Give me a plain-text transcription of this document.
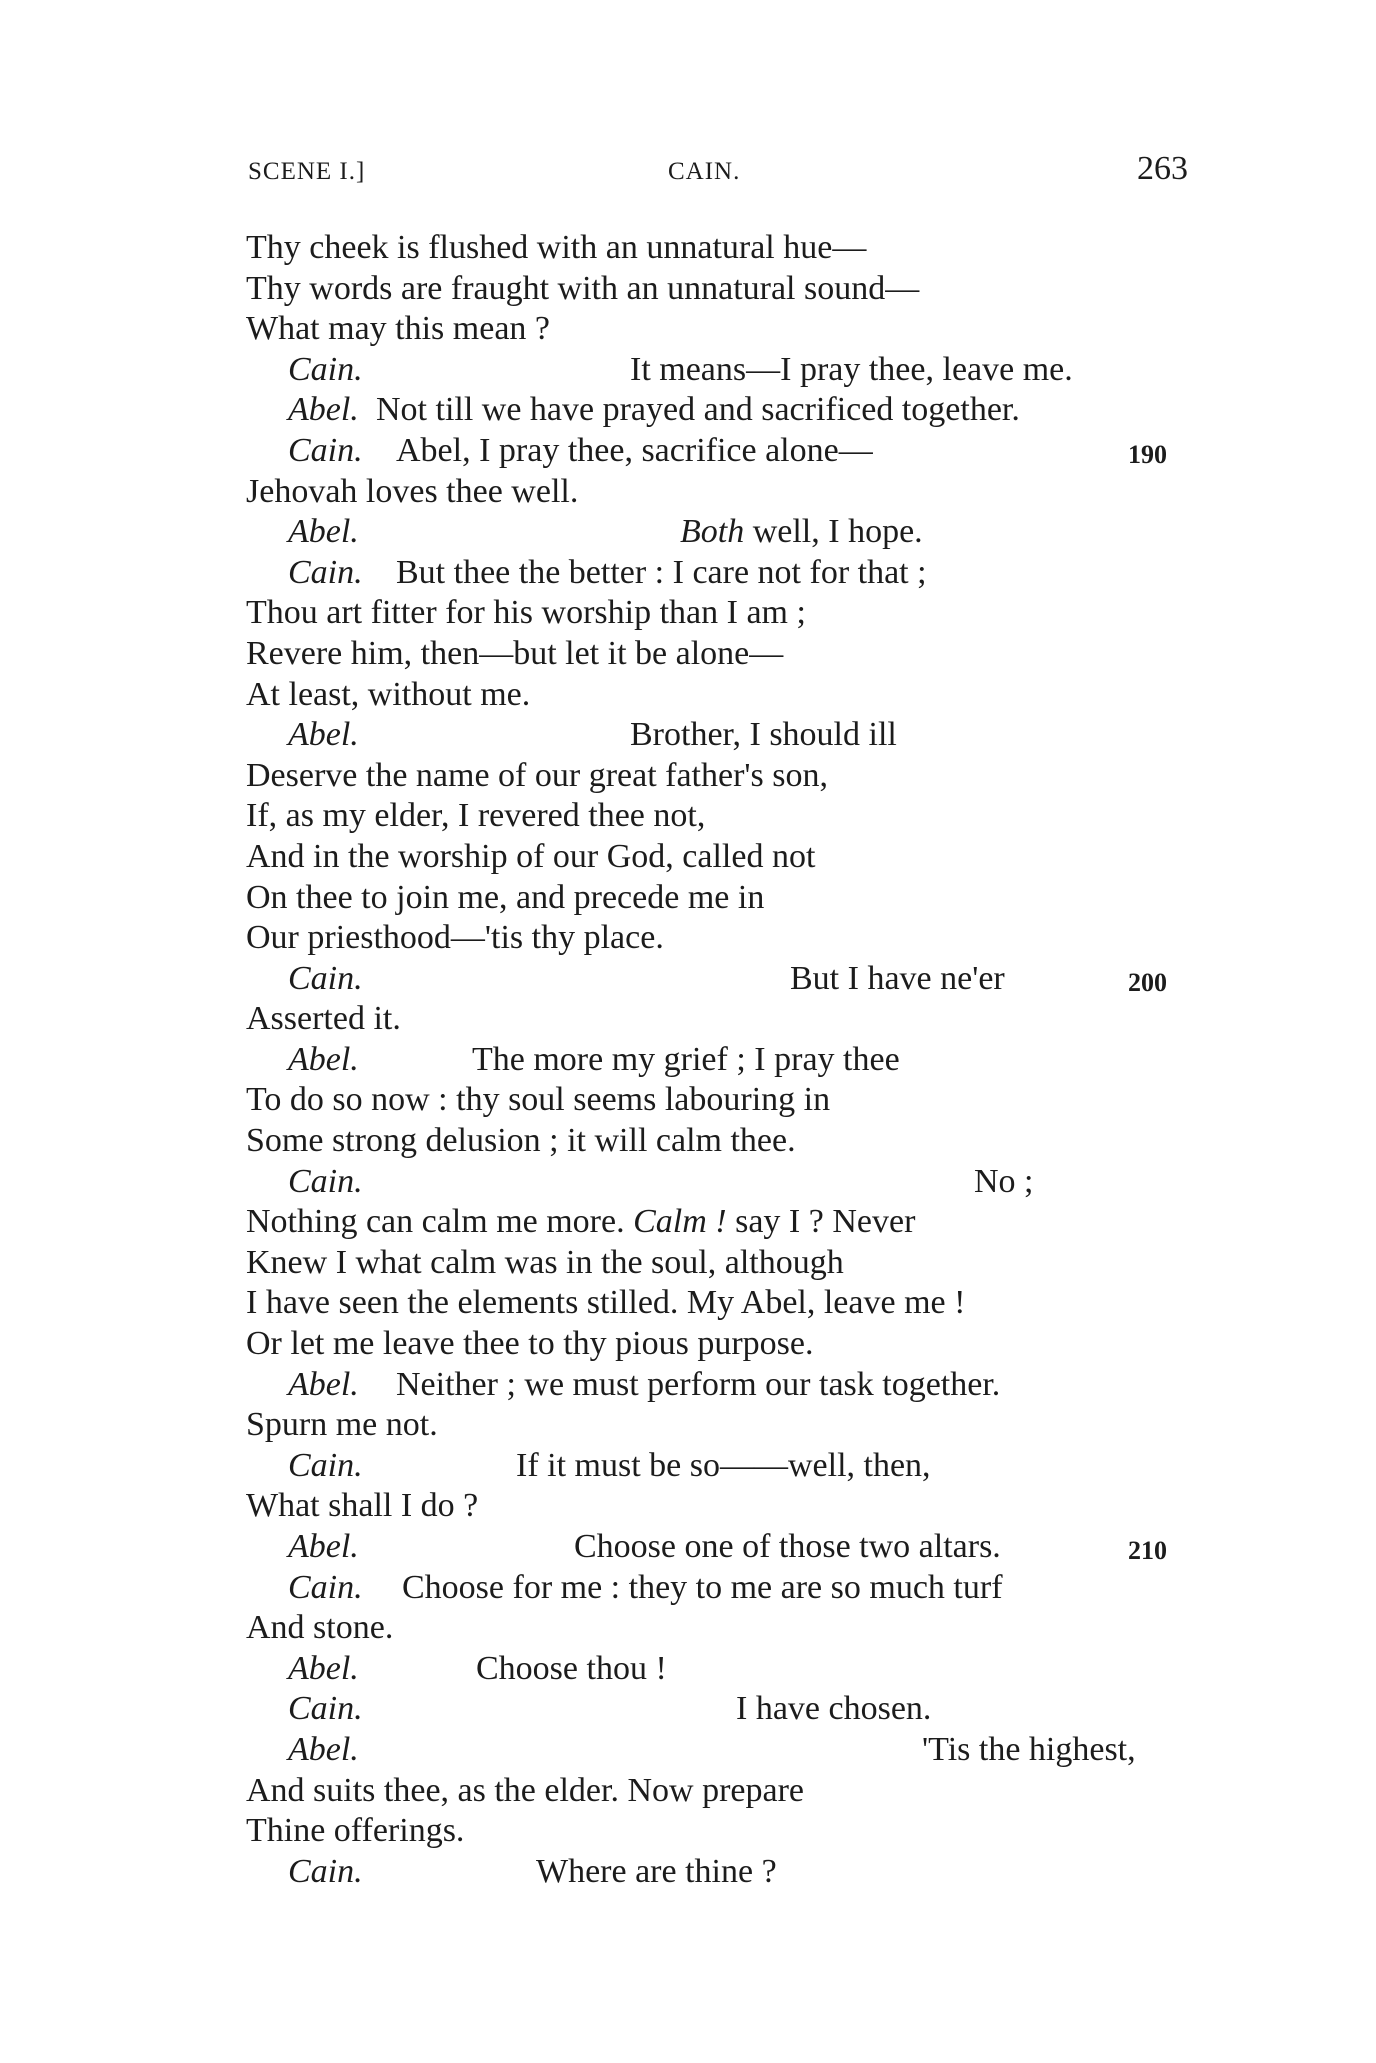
SCENE I.]	CAIN.	263
Thy cheek is flushed with an unnatural hue—
Thy words are fraught with an unnatural sound—
What may this mean ?
Cain.	It means—I pray thee, leave me.
Abel. Not till we have prayed and sacrificed together.
Cain. Abel, I pray thee, sacrifice alone—	190
Jehovah loves thee well.
Abel.	Both well, I hope.
Cain. But thee the better : I care not for that ;
Thou art fitter for his worship than I am ;
Revere him, then—but let it be alone—
At least, without me.
Abel.	Brother, I should ill
Deserve the name of our great father's son,
If, as my elder, I revered thee not,
And in the worship of our God, called not
On thee to join me, and precede me in
Our priesthood—'tis thy place.
Cain.	But I have ne'er	200
Asserted it.
Abel.	The more my grief ; I pray thee
To do so now : thy soul seems labouring in
Some strong delusion ; it will calm thee.
Cain.	No ;
Nothing can calm me more. Calm ! say I ? Never
Knew I what calm was in the soul, although
I have seen the elements stilled. My Abel, leave me !
Or let me leave thee to thy pious purpose.
Abel. Neither ; we must perform our task together.
Spurn me not.
Cain.	If it must be so——well, then,
What shall I do ?
Abel.	Choose one of those two altars.	210
Cain. Choose for me : they to me are so much turf
And stone.
Abel.	Choose thou !
Cain.	I have chosen.
Abel.	'Tis the highest,
And suits thee, as the elder. Now prepare
Thine offerings.
Cain.	Where are thine ?
